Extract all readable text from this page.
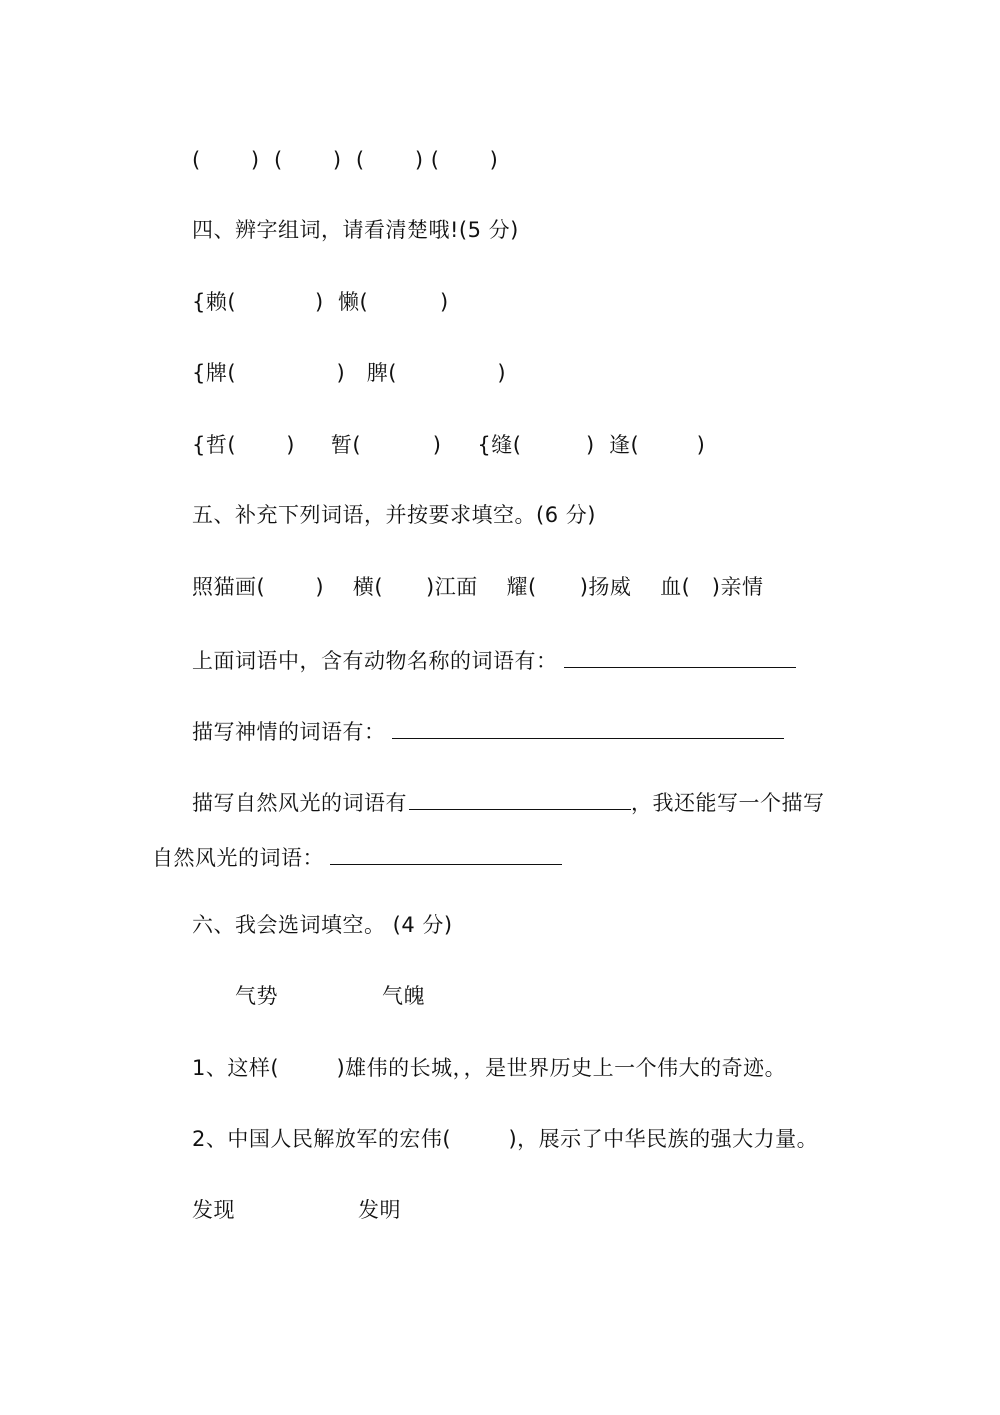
(       )  (       )  (       ) (       )
四、辨字组词，请看清楚哦!(5 分)
{赖(           )  懒(          )
{牌(              )   脾(              )
{哲(       )     暂(          )     {缝(         )  逢(        )
五、补充下列词语，并按要求填空。(6 分)
照猫画(       )    横(      )江面    耀(      )扬威    血(   )亲情
上面词语中，含有动物名称的词语有：
描写神情的词语有：
描写自然风光的词语有	，我还能写一个描写
自然风光的词语：
六、我会选词填空。 (4 分)
气势	气魄
1、这样(        )雄伟的长城，，是世界历史上一个伟大的奇迹。
2、中国人民解放军的宏伟(        )，展示了中华民族的强大力量。
发现	发明
